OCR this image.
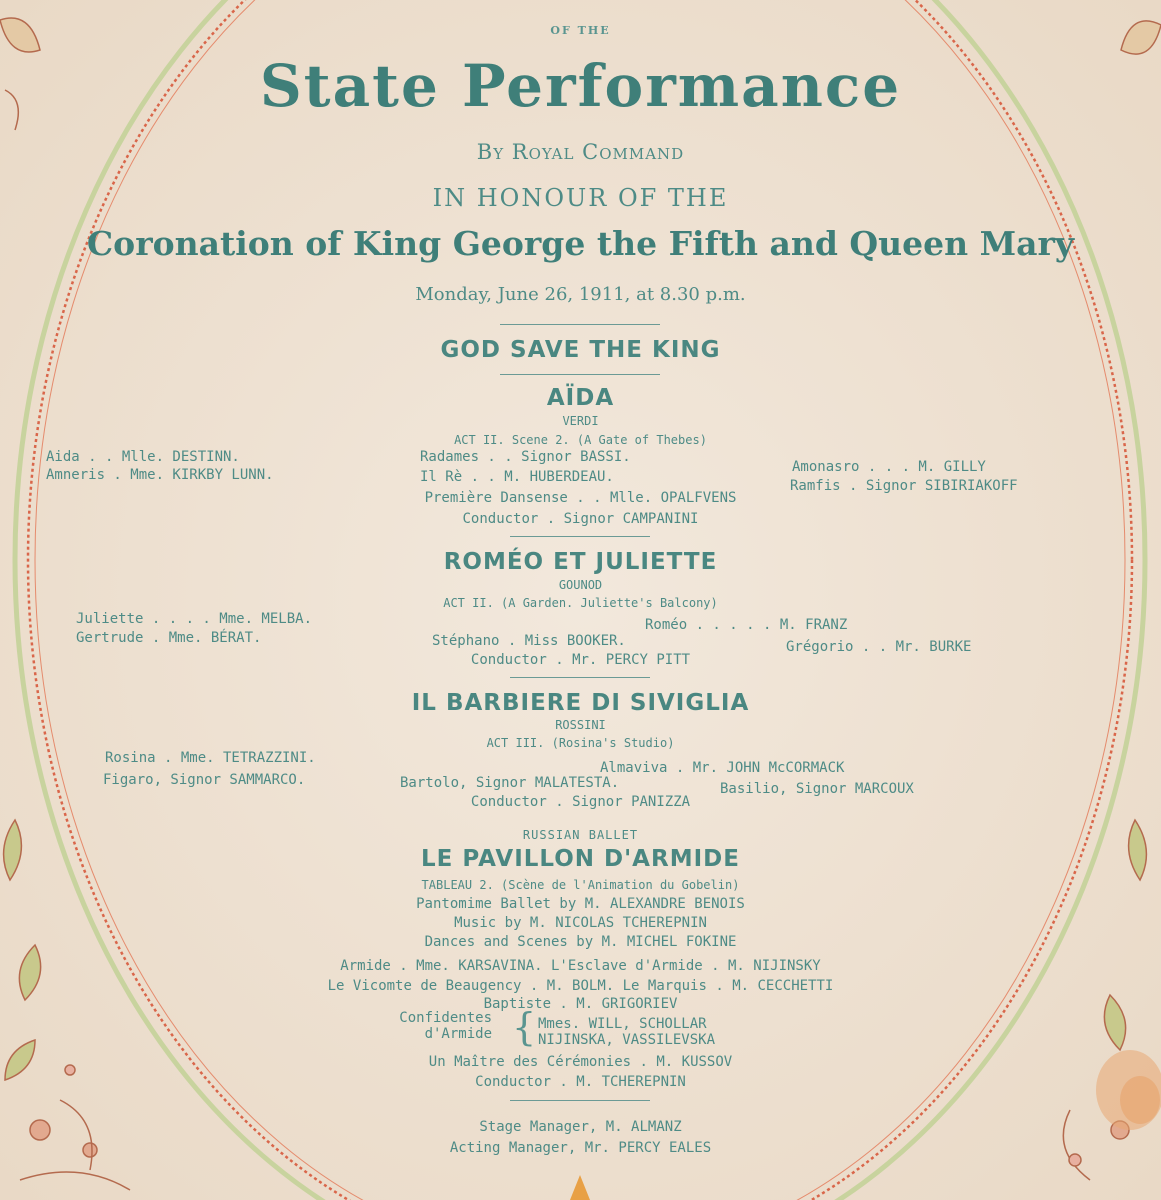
OF THE
State Performance
By Royal Command
IN HONOUR OF THE
Coronation of King George the Fifth and Queen Mary
Monday, June 26, 1911, at 8.30 p.m.
GOD SAVE THE KING
AÏDA
VERDI
ACT II. Scene 2. (A Gate of Thebes)
Aida . . Mlle. DESTINN.	Radames . . Signor BASSI.
Amonasro . . . M. GILLY
Amneris . Mme. KIRKBY LUNN.	Il Rè . . M. HUBERDEAU.
Ramfis . Signor SIBIRIAKOFF
Première Dansense . . Mlle. OPALFVENS
Conductor . Signor CAMPANINI
ROMÉO ET JULIETTE
GOUNOD
ACT II. (A Garden. Juliette's Balcony)
Juliette . . . . Mme. MELBA.	Roméo . . . . . M. FRANZ
Gertrude . Mme. BÉRAT.	Stéphano . Miss BOOKER.	Grégorio . . Mr. BURKE
Conductor . Mr. PERCY PITT
IL BARBIERE DI SIVIGLIA
ROSSINI
ACT III. (Rosina's Studio)
Rosina . Mme. TETRAZZINI.
Almaviva . Mr. JOHN McCORMACK
Figaro, Signor SAMMARCO.	Bartolo, Signor MALATESTA.	Basilio, Signor MARCOUX
Conductor . Signor PANIZZA
RUSSIAN BALLET
LE PAVILLON D'ARMIDE
TABLEAU 2. (Scène de l'Animation du Gobelin)
Pantomime Ballet by M. ALEXANDRE BENOIS
Music by M. NICOLAS TCHEREPNIN
Dances and Scenes by M. MICHEL FOKINE
Armide . Mme. KARSAVINA. L'Esclave d'Armide . M. NIJINSKY
Le Vicomte de Beaugency . M. BOLM. Le Marquis . M. CECCHETTI
Baptiste . M. GRIGORIEV
Confidentes
d'Armide { Mmes. WILL, SCHOLLAR
NIJINSKA, VASSILEVSKA
Un Maître des Cérémonies . M. KUSSOV
Conductor . M. TCHEREPNIN
Stage Manager, M. ALMANZ
Acting Manager, Mr. PERCY EALES
